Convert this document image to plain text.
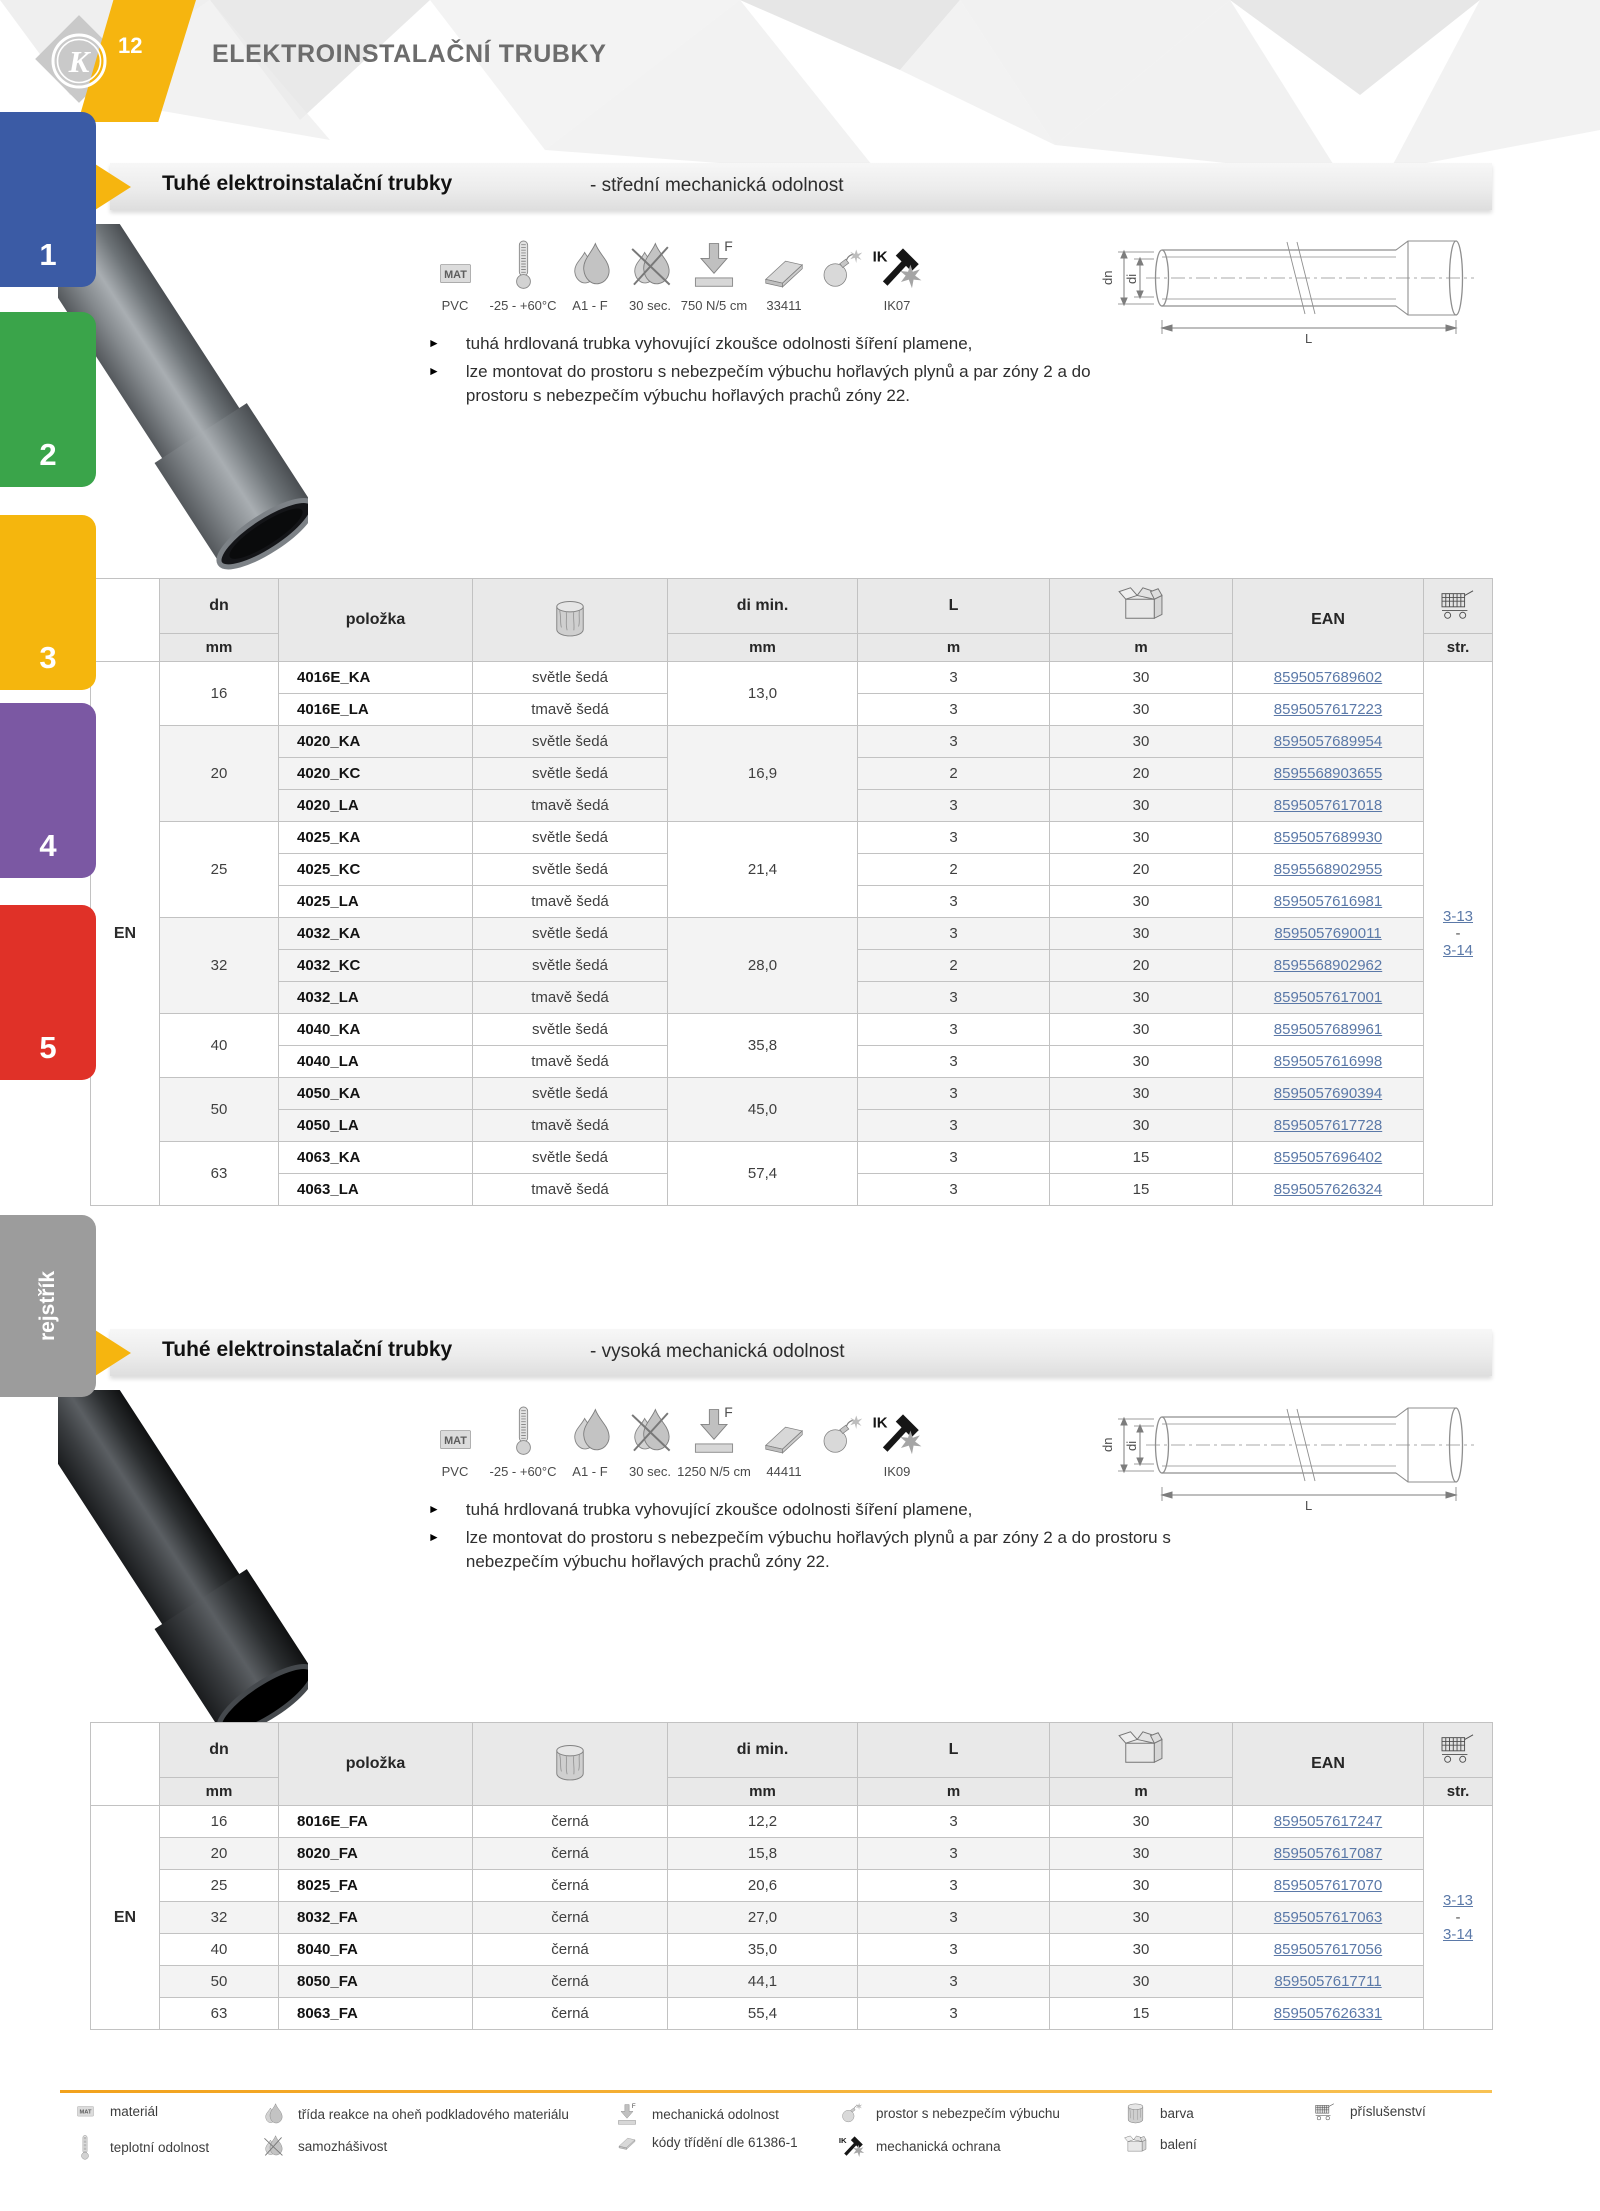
K 12	ELEKTROINSTALAČNÍ TRUBKY
Tuhé elektroinstalační trubky	- střední mechanická odolnost
MAT
PVC -25 - +60°C A1 - F 30 sec.
F
750 N/5 cm 33411
IK
IK07
dn di
L
► tuhá hrdlovaná trubka vyhovující zkoušce odolnosti šíření plamene,
► lze montovat do prostoru s nebezpečím výbuchu hořlavých plynů a par zóny 2 a do prostoru s nebezpečím výbuchu hořlavých prachů zóny 22.
	dn	položka		di min.	L		EAN	
	mm			mm	m	m		str.
EN	16	4016E_KA	světle šedá	13,0	3	30	8595057689602	3-13
-
3-14
		4016E_LA	tmavě šedá		3	30	8595057617223	
	20	4020_KA	světle šedá	16,9	3	30	8595057689954	
		4020_KC	světle šedá		2	20	8595568903655	
		4020_LA	tmavě šedá		3	30	8595057617018	
	25	4025_KA	světle šedá	21,4	3	30	8595057689930	
		4025_KC	světle šedá		2	20	8595568902955	
		4025_LA	tmavě šedá		3	30	8595057616981	
	32	4032_KA	světle šedá	28,0	3	30	8595057690011	
		4032_KC	světle šedá		2	20	8595568902962	
		4032_LA	tmavě šedá		3	30	8595057617001	
	40	4040_KA	světle šedá	35,8	3	30	8595057689961	
		4040_LA	tmavě šedá		3	30	8595057616998	
	50	4050_KA	světle šedá	45,0	3	30	8595057690394	
		4050_LA	tmavě šedá		3	30	8595057617728	
	63	4063_KA	světle šedá	57,4	3	15	8595057696402	
		4063_LA	tmavě šedá		3	15	8595057626324	
Tuhé elektroinstalační trubky	- vysoká mechanická odolnost
MAT
PVC -25 - +60°C A1 - F 30 sec.
F
1250 N/5 cm 44411
IK
IK09
dn di
L
► tuhá hrdlovaná trubka vyhovující zkoušce odolnosti šíření plamene,
► lze montovat do prostoru s nebezpečím výbuchu hořlavých plynů a par zóny 2 a do prostoru s nebezpečím výbuchu hořlavých prachů zóny 22.
	dn	položka		di min.	L		EAN	
	mm			mm	m	m		str.
EN	16	8016E_FA	černá	12,2	3	30	8595057617247	3-13
-
3-14
	20	8020_FA	černá	15,8	3	30	8595057617087	
	25	8025_FA	černá	20,6	3	30	8595057617070	
	32	8032_FA	černá	27,0	3	30	8595057617063	
	40	8040_FA	černá	35,0	3	30	8595057617056	
	50	8050_FA	černá	44,1	3	30	8595057617711	
	63	8063_FA	černá	55,4	3	15	8595057626331	
1
2
3
4
5
rejstřík
MAT materiál	třída reakce na oheň podkladového materiálu	F mechanická odolnost	prostor s nebezpečím výbuchu	barva	příslušenství
teplotní odolnost	samozhášivost	kódy třídění dle 61386-1 IK mechanická ochrana	balení
